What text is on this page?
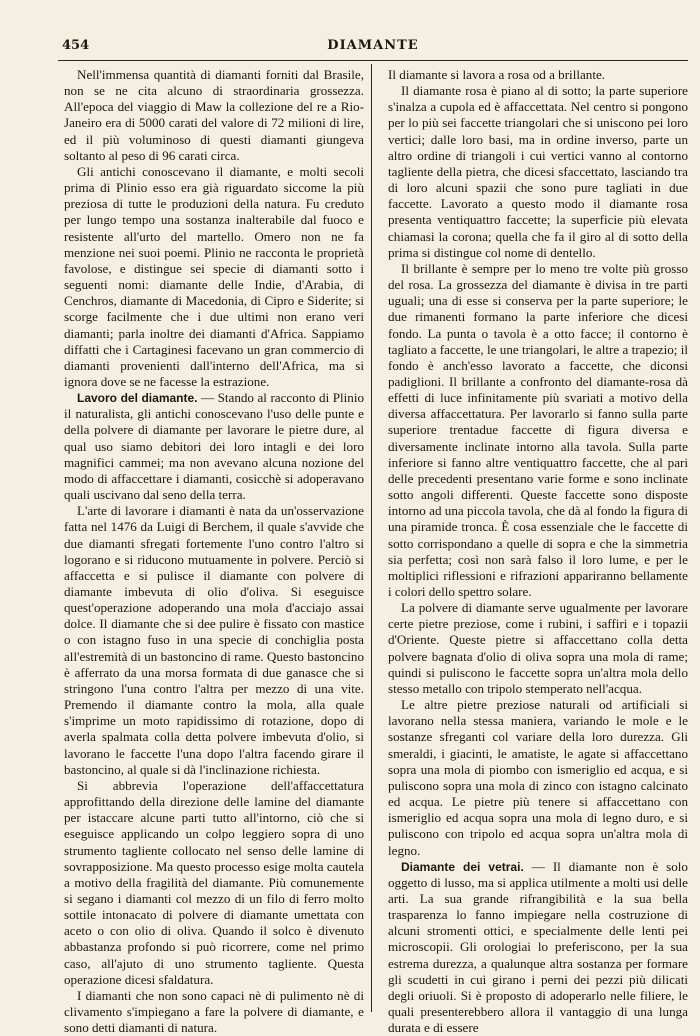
454	DIAMANTE

Nell'immensa quantità di diamanti forniti dal Brasile, non se ne cita alcuno di straordinaria grossezza. All'epoca del viaggio di Maw la collezione del re a Rio-Janeiro era di 5000 carati del valore di 72 milioni di lire, ed il più voluminoso di questi diamanti giungeva soltanto al peso di 96 carati circa.

Gli antichi conoscevano il diamante, e molti secoli prima di Plinio esso era già riguardato siccome la più preziosa di tutte le produzioni della natura. Fu creduto per lungo tempo una sostanza inalterabile dal fuoco e resistente all'urto del martello. Omero non ne fa menzione nei suoi poemi. Plinio ne racconta le proprietà favolose, e distingue sei specie di diamanti sotto i seguenti nomi: diamante delle Indie, d'Arabia, di Cenchros, diamante di Macedonia, di Cipro e Siderite; si scorge facilmente che i due ultimi non erano veri diamanti; parla inoltre dei diamanti d'Africa. Sappiamo diffatti che i Cartaginesi facevano un gran commercio di diamanti provenienti dall'interno dell'Africa, ma si ignora dove se ne facesse la estrazione.

Lavoro del diamante. — Stando al racconto di Plinio il naturalista, gli antichi conoscevano l'uso delle punte e della polvere di diamante per lavorare le pietre dure, al qual uso siamo debitori dei loro intagli e dei loro magnifici cammei; ma non avevano alcuna nozione del modo di affaccettare i diamanti, cosicchè si adoperavano quali uscivano dal seno della terra.

L'arte di lavorare i diamanti è nata da un'osservazione fatta nel 1476 da Luigi di Berchem, il quale s'avvide che due diamanti sfregati fortemente l'uno contro l'altro si logorano e si riducono mutuamente in polvere. Perciò si affaccetta e si pulisce il diamante con polvere di diamante imbevuta di olio d'oliva. Si eseguisce quest'operazione adoperando una mola d'acciajo assai dolce. Il diamante che si dee pulire è fissato con mastice o con istagno fuso in una specie di conchiglia posta all'estremità di un bastoncino di rame. Questo bastoncino è afferrato da una morsa formata di due ganasce che si stringono l'una contro l'altra per mezzo di una vite. Premendo il diamante contro la mola, alla quale s'imprime un moto rapidissimo di rotazione, dopo di averla spalmata colla detta polvere imbevuta d'olio, si lavorano le faccette l'una dopo l'altra facendo girare il bastoncino, al quale si dà l'inclinazione richiesta.

Si abbrevia l'operazione dell'affaccettatura approfittando della direzione delle lamine del diamante per istaccare alcune parti tutto all'intorno, ciò che si eseguisce applicando un colpo leggiero sopra di uno strumento tagliente collocato nel senso delle lamine di sovrapposizione. Ma questo processo esige molta cautela a motivo della fragilità del diamante. Più comunemente si segano i diamanti col mezzo di un filo di ferro molto sottile intonacato di polvere di diamante umettata con aceto o con olio di oliva. Quando il solco è divenuto abbastanza profondo si può ricorrere, come nel primo caso, all'ajuto di uno strumento tagliente. Questa operazione dicesi sfaldatura.

I diamanti che non sono capaci nè di pulimento nè di clivamento s'impiegano a fare la polvere di diamante, e sono detti diamanti di natura.

Il diamante si lavora a rosa od a brillante.

Il diamante rosa è piano al di sotto; la parte superiore s'inalza a cupola ed è affaccettata. Nel centro si pongono per lo più sei faccette triangolari che si uniscono pei loro vertici; dalle loro basi, ma in ordine inverso, parte un altro ordine di triangoli i cui vertici vanno al contorno tagliente della pietra, che dicesi sfaccettato, lasciando tra di loro alcuni spazii che sono pure tagliati in due faccette. Lavorato a questo modo il diamante rosa presenta ventiquattro faccette; la superficie più elevata chiamasi la corona; quella che fa il giro al di sotto della prima si distingue col nome di dentello.

Il brillante è sempre per lo meno tre volte più grosso del rosa. La grossezza del diamante è divisa in tre parti uguali; una di esse si conserva per la parte superiore; le due rimanenti formano la parte inferiore che dicesi fondo. La punta o tavola è a otto facce; il contorno è tagliato a faccette, le une triangolari, le altre a trapezio; il fondo è anch'esso lavorato a faccette, che diconsi padiglioni. Il brillante a confronto del diamante-rosa dà effetti di luce infinitamente più svariati a motivo della diversa affaccettatura. Per lavorarlo si fanno sulla parte superiore trentadue faccette di figura diversa e diversamente inclinate intorno alla tavola. Sulla parte inferiore si fanno altre ventiquattro faccette, che al pari delle precedenti presentano varie forme e sono inclinate sotto angoli differenti. Queste faccette sono disposte intorno ad una piccola tavola, che dà al fondo la figura di una piramide tronca. È cosa essenziale che le faccette di sotto corrispondano a quelle di sopra e che la simmetria sia perfetta; così non sarà falso il loro lume, e per le moltiplici riflessioni e rifrazioni appariranno bellamente i colori dello spettro solare.

La polvere di diamante serve ugualmente per lavorare certe pietre preziose, come i rubini, i saffiri e i topazii d'Oriente. Queste pietre si affaccettano colla detta polvere bagnata d'olio di oliva sopra una mola di rame; quindi si puliscono le faccette sopra un'altra mola dello stesso metallo con tripolo stemperato nell'acqua.

Le altre pietre preziose naturali od artificiali si lavorano nella stessa maniera, variando le mole e le sostanze sfreganti col variare della loro durezza. Gli smeraldi, i giacinti, le amatiste, le agate si affaccettano sopra una mola di piombo con ismeriglio ed acqua, e si puliscono sopra una mola di zinco con istagno calcinato ed acqua. Le pietre più tenere si affaccettano con ismeriglio ed acqua sopra una mola di legno duro, e si puliscono con tripolo ed acqua sopra un'altra mola di legno.

Diamante dei vetrai. — Il diamante non è solo oggetto di lusso, ma si applica utilmente a molti usi delle arti. La sua grande rifrangibilità e la sua bella trasparenza lo fanno impiegare nella costruzione di alcuni stromenti ottici, e specialmente delle lenti pei microscopii. Gli orologiai lo preferiscono, per la sua estrema durezza, a qualunque altra sostanza per formare gli scudetti in cui girano i perni dei pezzi più dilicati degli oriuoli. Si è proposto di adoperarlo nelle filiere, le quali presenterebbero allora il vantaggio di una lunga durata e di essere
